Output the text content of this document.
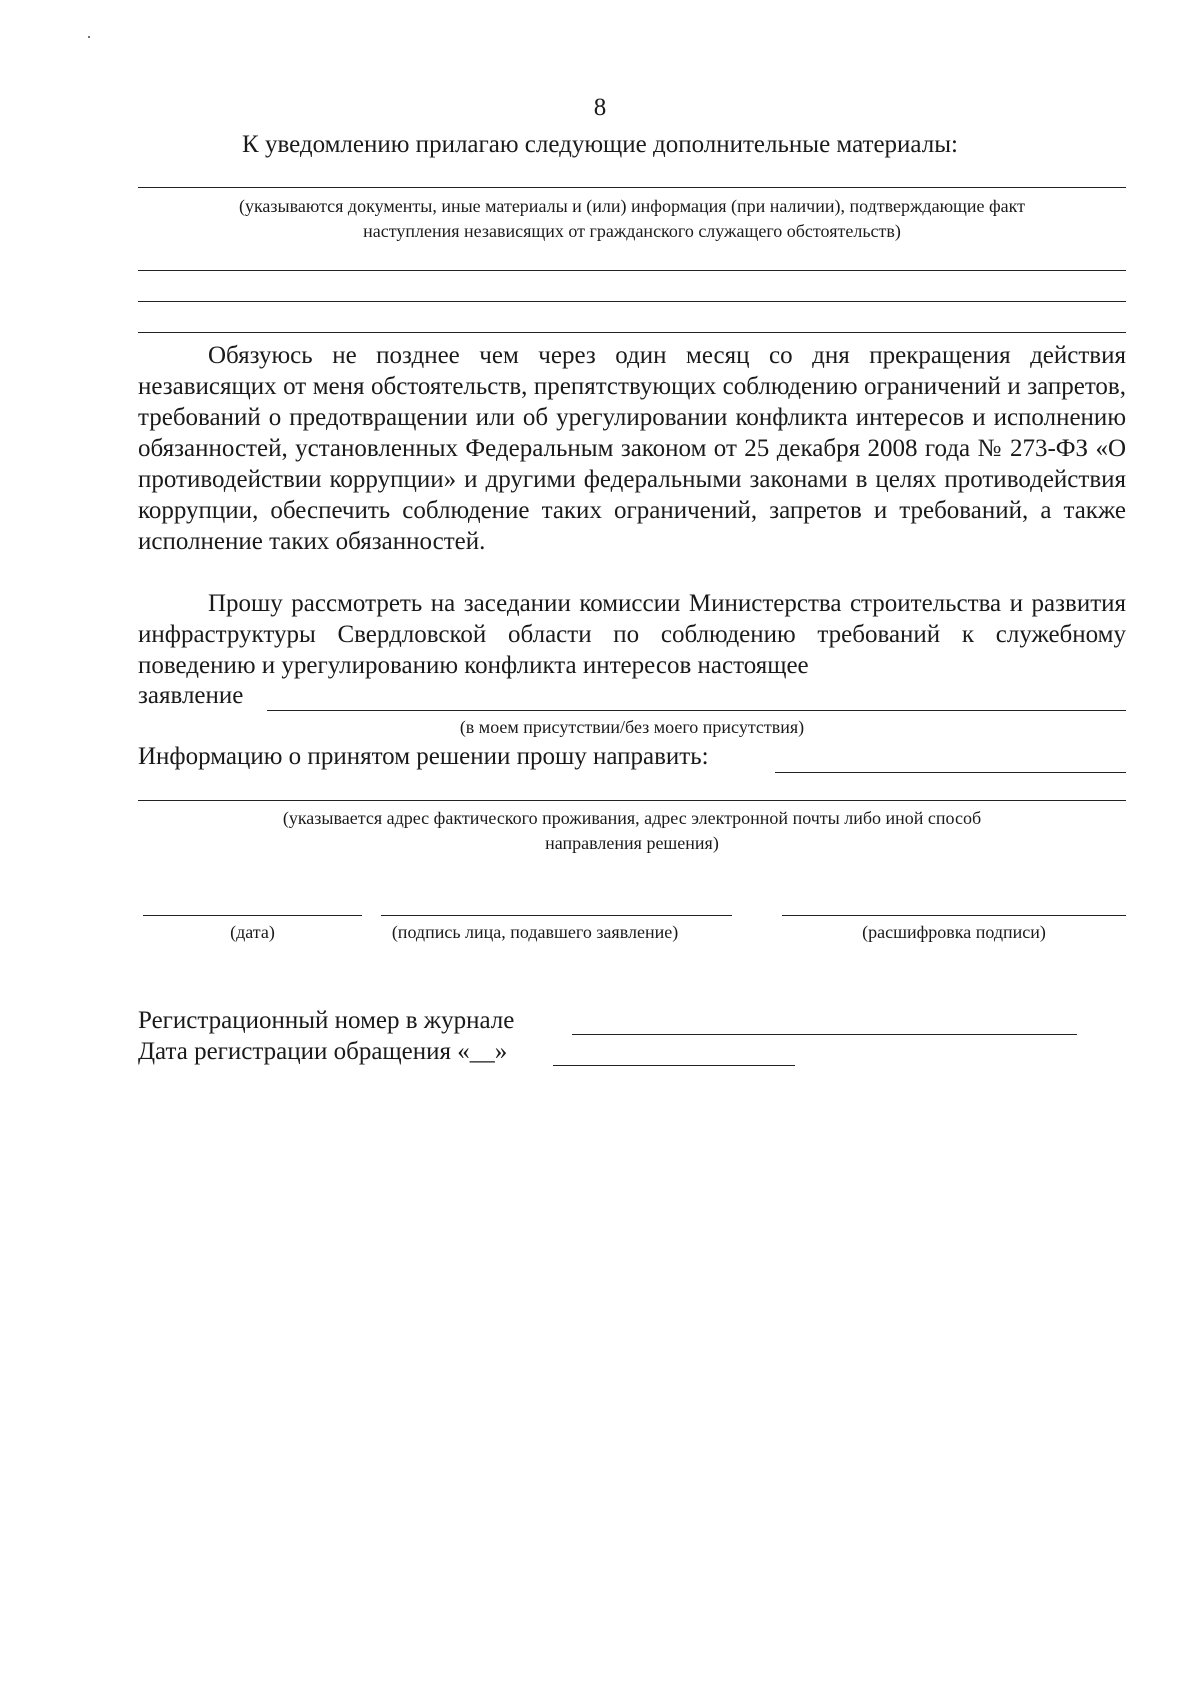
8
К уведомлению прилагаю следующие дополнительные материалы:
(указываются документы, иные материалы и (или) информация (при наличии), подтверждающие факт
наступления независящих от гражданского служащего обстоятельств)

Обязуюсь не позднее чем через один месяц со дня прекращения действия независящих от меня обстоятельств, препятствующих соблюдению ограничений и запретов, требований о предотвращении или об урегулировании конфликта интересов и исполнению обязанностей, установленных Федеральным законом от 25 декабря 2008 года № 273-ФЗ «О противодействии коррупции» и другими федеральными законами в целях противодействия коррупции, обеспечить соблюдение таких ограничений, запретов и требований, а также исполнение таких обязанностей.

Прошу рассмотреть на заседании комиссии Министерства строительства и развития инфраструктуры Свердловской области по соблюдению требований к служебному поведению и урегулированию конфликта интересов настоящее

заявление
(в моем присутствии/без моего присутствия)
Информацию о принятом решении прошу направить:
(указывается адрес фактического проживания, адрес электронной почты либо иной способ
направления решения)
(дата)	(подпись лица, подавшего заявление)	(расшифровка подписи)
Регистрационный номер в журнале
Дата регистрации обращения «__»
